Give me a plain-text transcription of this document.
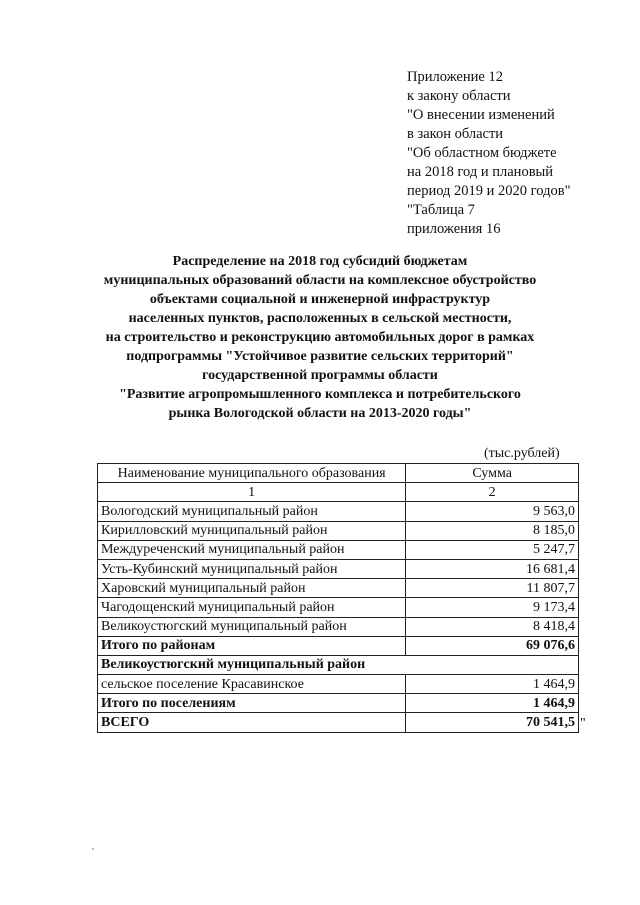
Приложение 12
к закону области
"О внесении изменений
в закон области
"Об областном бюджете
на 2018 год и плановый
период 2019 и 2020 годов"
"Таблица 7
приложения 16
Распределение на 2018 год субсидий бюджетам
муниципальных образований области на комплексное обустройство
объектами социальной и инженерной инфраструктур
населенных пунктов, расположенных в сельской местности,
на строительство и реконструкцию автомобильных дорог в рамках
подпрограммы "Устойчивое развитие сельских территорий"
государственной программы области
"Развитие агропромышленного комплекса и потребительского
рынка Вологодской области на 2013-2020 годы"
(тыс.рублей)
Наименование муниципального образования	Сумма
1	2
Вологодский муниципальный район	9 563,0
Кирилловский муниципальный район	8 185,0
Междуреченский муниципальный район	5 247,7
Усть-Кубинский муниципальный район	16 681,4
Харовский муниципальный район	11 807,7
Чагодощенский муниципальный район	9 173,4
Великоустюгский муниципальный район	8 418,4
Итого по районам	69 076,6
Великоустюгский муниципальный район	
сельское поселение Красавинское	1 464,9
Итого по поселениям	1 464,9
ВСЕГО	70 541,5 "
